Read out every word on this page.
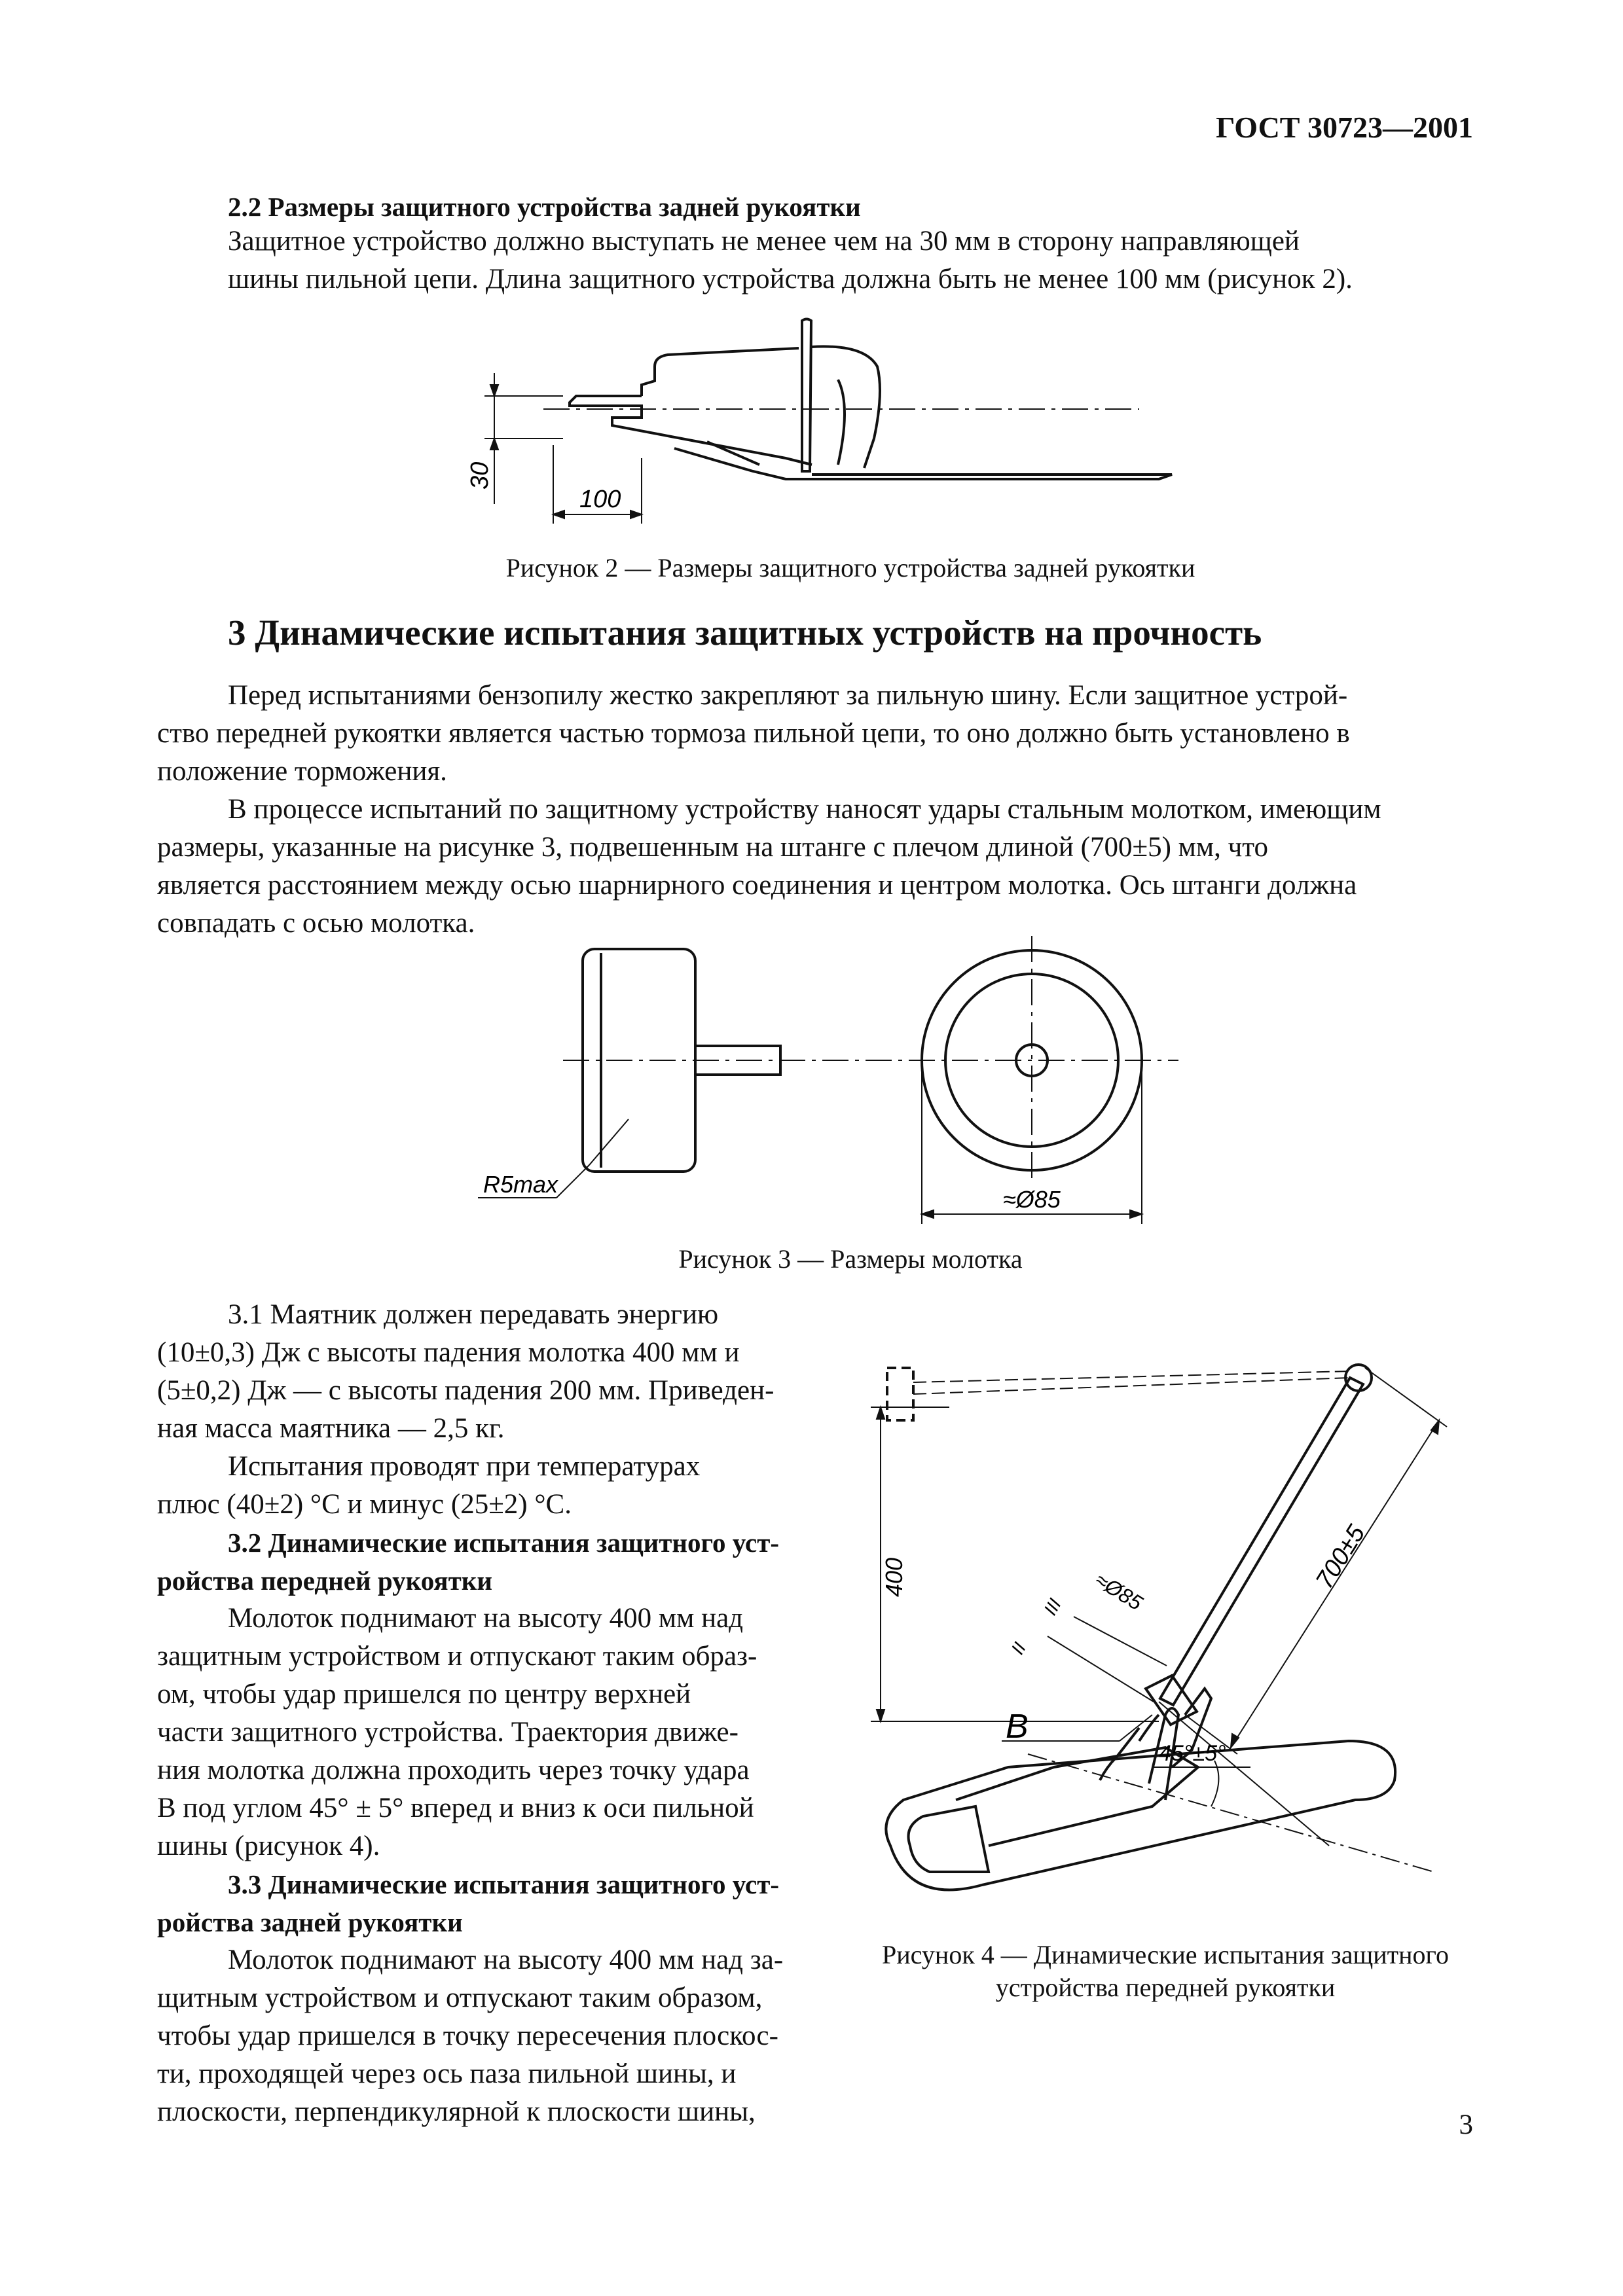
ГОСТ 30723—2001
2.2 Размеры защитного устройства задней рукоятки

Защитное устройство должно выступать не менее чем на 30 мм в сторону направляющей

шины пильной цепи. Длина защитного устройства должна быть не менее 100 мм (рисунок 2).

30
100
Рисунок 2 — Размеры защитного устройства задней рукоятки
3 Динамические испытания защитных устройств на прочность

Перед испытаниями бензопилу жестко закрепляют за пильную шину. Если защитное устрой-

ство передней рукоятки является частью тормоза пильной цепи, то оно должно быть установлено в

положение торможения.

В процессе испытаний по защитному устройству наносят удары стальным молотком, имеющим

размеры, указанные на рисунке 3, подвешенным на штанге с плечом длиной (700±5) мм, что

является расстоянием между осью шарнирного соединения и центром молотка. Ось штанги должна

совпадать с осью молотка.

R5max
≈Ø85
Рисунок 3 — Размеры молотка

3.1 Маятник должен передавать энергию

(10±0,3) Дж с высоты падения молотка 400 мм и

(5±0,2) Дж — с высоты падения 200 мм. Приведен-

ная масса маятника — 2,5 кг.

Испытания проводят при температурах

плюс (40±2) °С и минус (25±2) °С.

3.2 Динамические испытания защитного уст-

ройства передней рукоятки

Молоток поднимают на высоту 400 мм над

защитным устройством и отпускают таким образ-

ом, чтобы удар пришелся по центру верхней

части защитного устройства. Траектория движе-

ния молотка должна проходить через точку удара

В под углом 45° ± 5° вперед и вниз к оси пильной

шины (рисунок 4).

3.3 Динамические испытания защитного уст-

ройства задней рукоятки

Молоток поднимают на высоту 400 мм над за-

щитным устройством и отпускают таким образом,

чтобы удар пришелся в точку пересечения плоскос-

ти, проходящей через ось паза пильной шины, и

плоскости, перпендикулярной к плоскости шины,

400	700±5
≈Ø85
III
II
В
45°±5°
Рисунок 4 — Динамические испытания защитного
устройства передней рукоятки
3
